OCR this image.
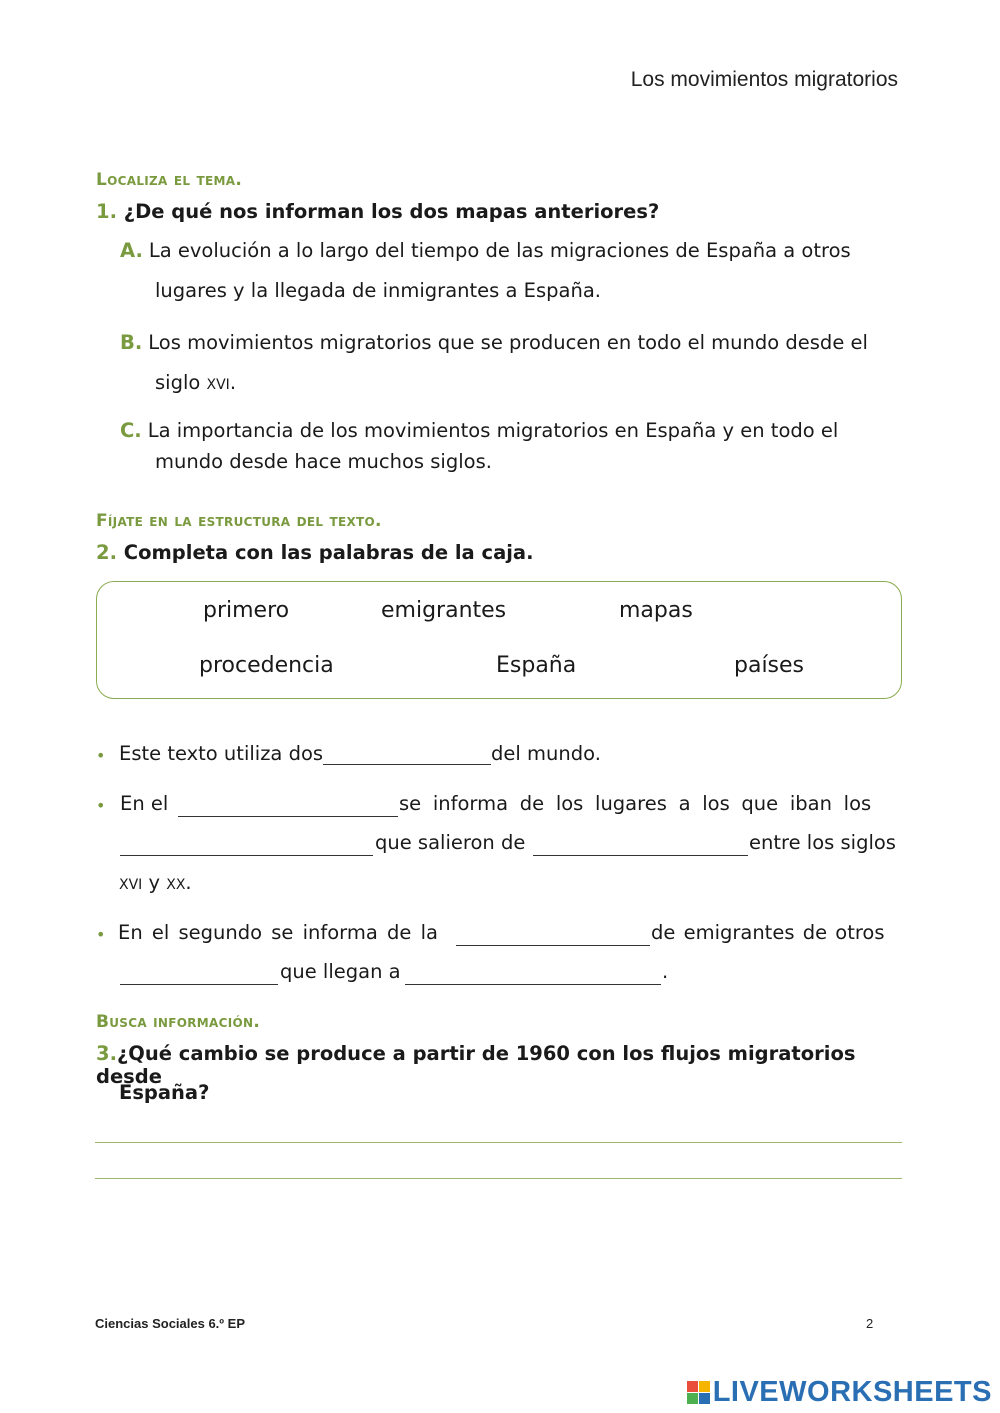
Los movimientos migratorios
Localiza el tema.
1. ¿De qué nos informan los dos mapas anteriores?
A. La evolución a lo largo del tiempo de las migraciones de España a otros
lugares y la llegada de inmigrantes a España.
B. Los movimientos migratorios que se producen en todo el mundo desde el
siglo xvi.
C. La importancia de los movimientos migratorios en España y en todo el
mundo desde hace muchos siglos.
Fíjate en la estructura del texto.
2. Completa con las palabras de la caja.
primero	emigrantes	mapas
procedencia	España	países
• Este texto utiliza dos	del mundo.
• En el	se informa de los lugares a los que iban los
que salieron de	entre los siglos
xvi y xx.
• En el segundo se informa de la	de emigrantes de otros
que llegan a	.
Busca información.
3.¿Qué cambio se produce a partir de 1960 con los flujos migratorios desde
España?
Ciencias Sociales 6.º EP	2
LIVEWORKSHEETS
